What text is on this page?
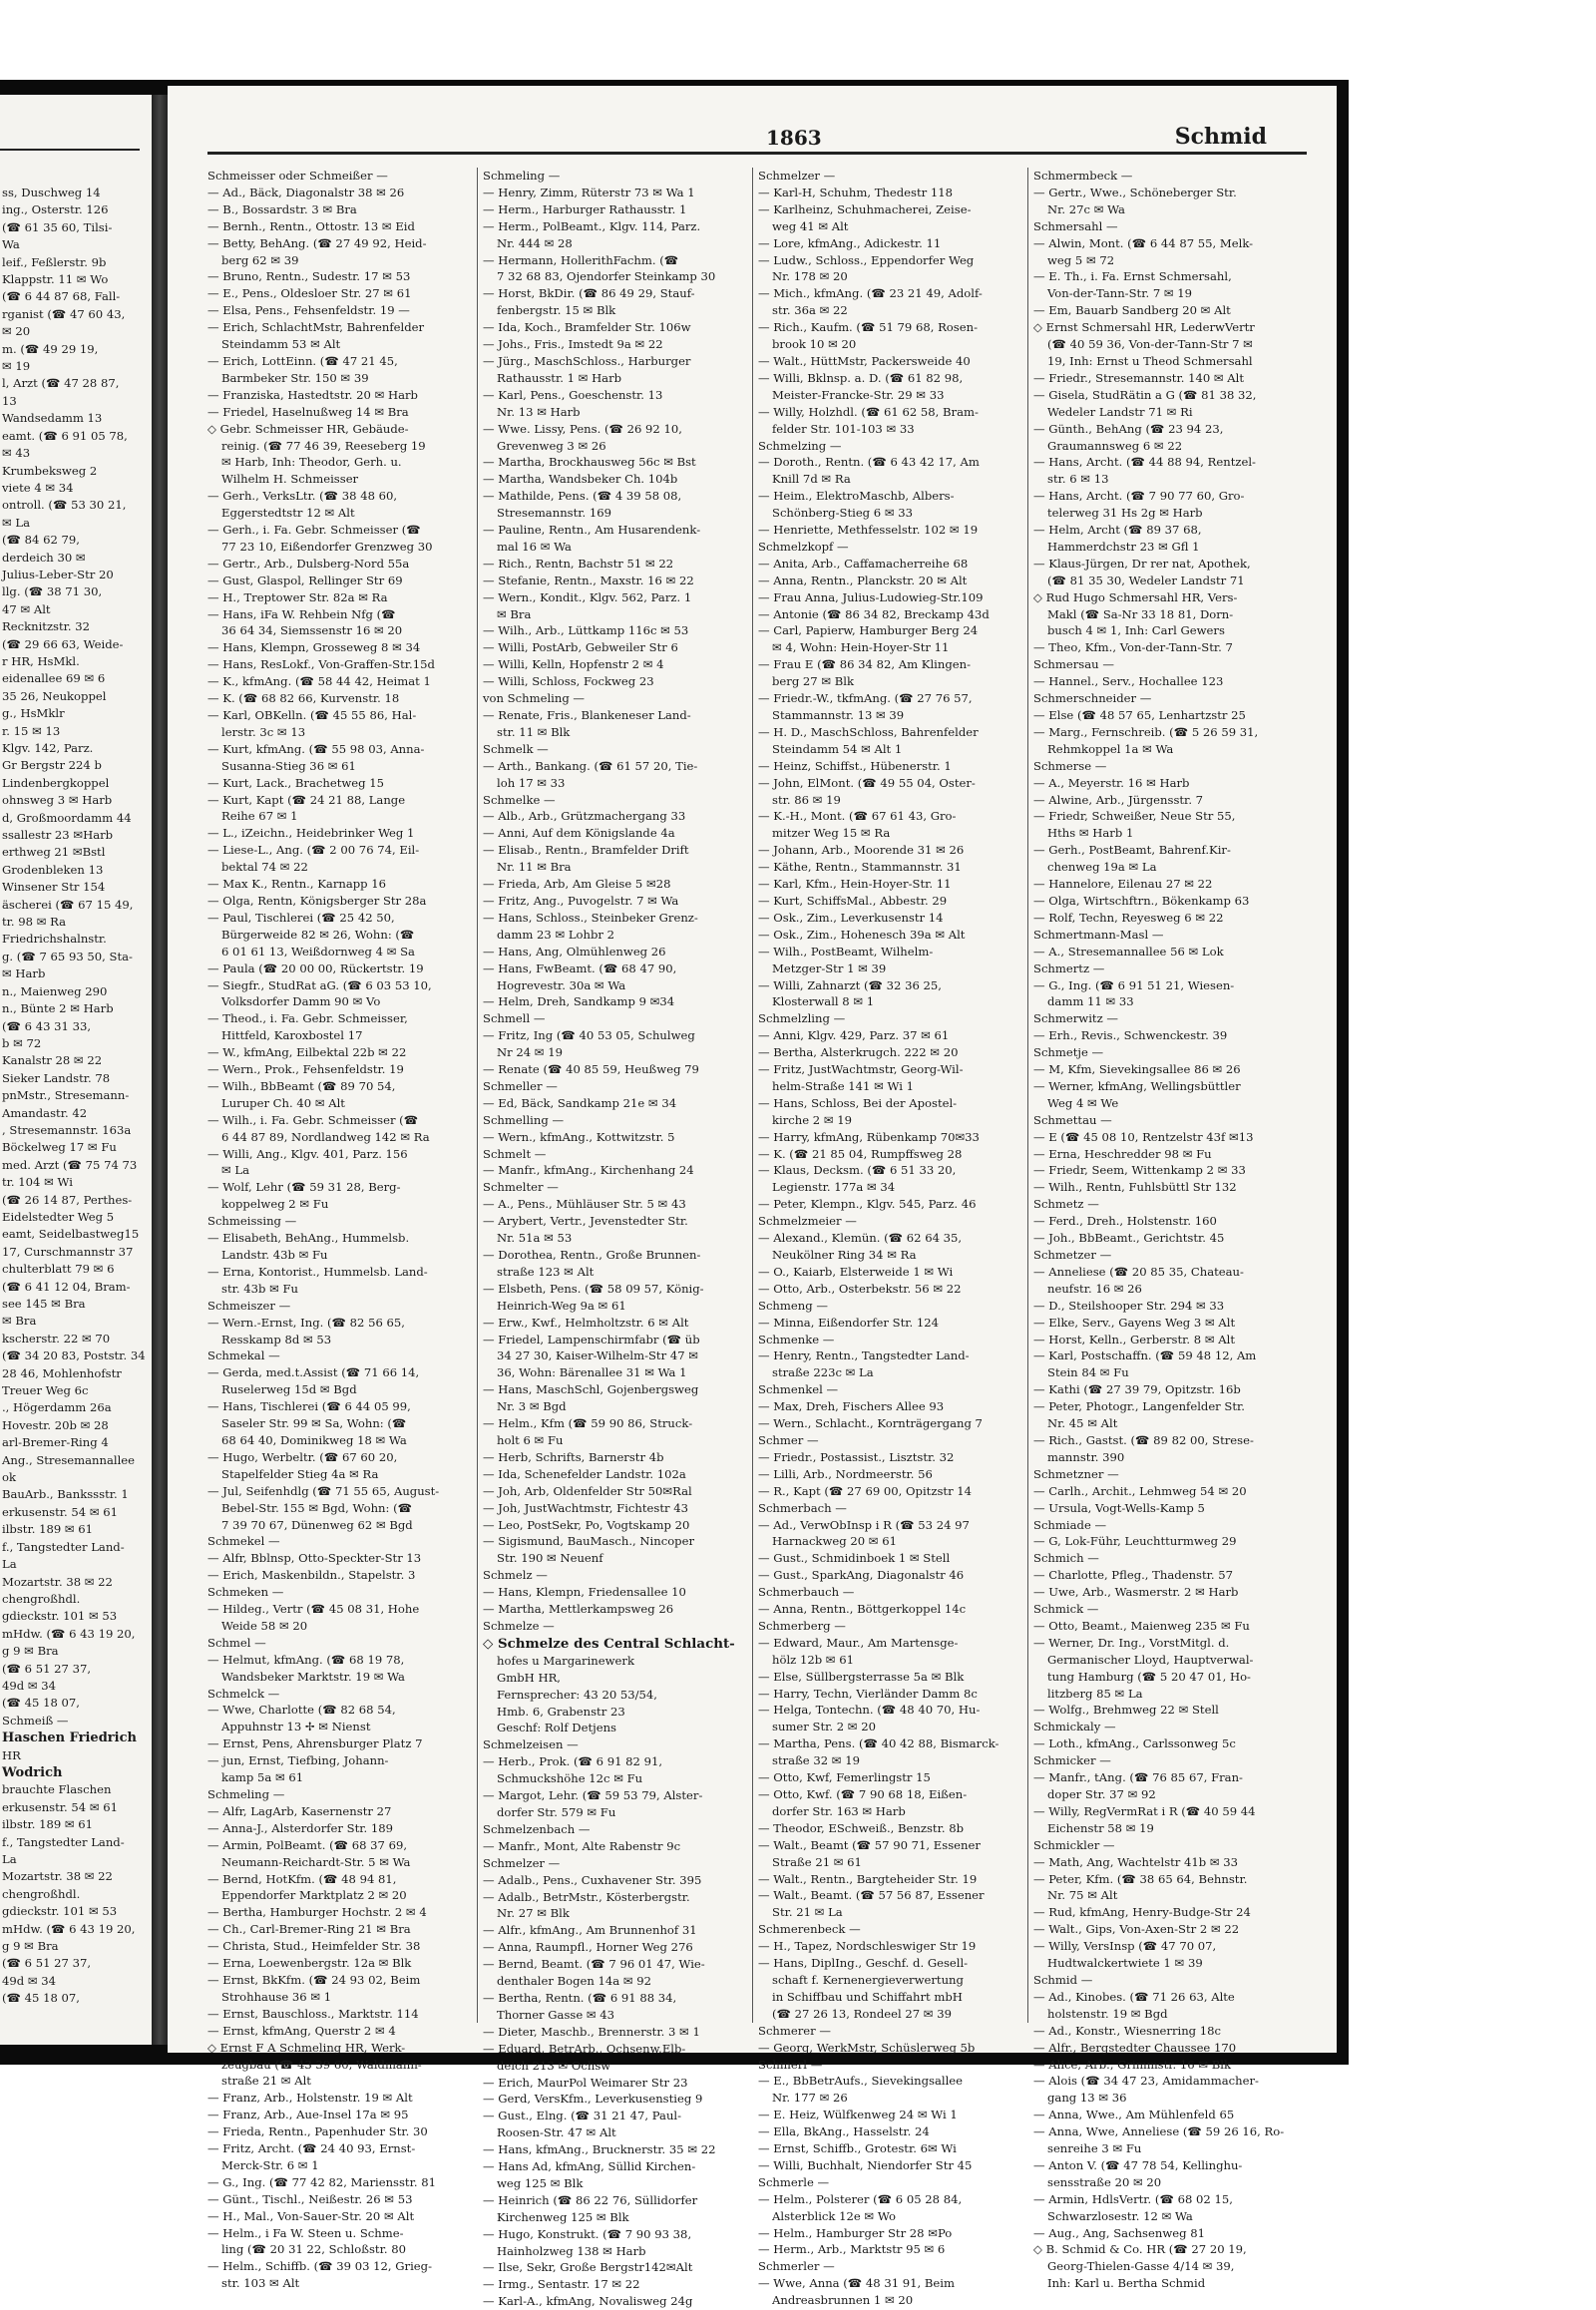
ss, Duschweg 14
ing., Osterstr. 126
(☎ 61 35 60, Tilsi-
Wa
leif., Feßlerstr. 9b
Klappstr. 11 ✉ Wo
(☎ 6 44 87 68, Fall-
rganist (☎ 47 60 43,
✉ 20
m. (☎ 49 29 19,
✉ 19
l, Arzt (☎ 47 28 87,
13
Wandsedamm 13
eamt. (☎ 6 91 05 78,
✉ 43
Krumbeksweg 2
viete 4 ✉ 34
ontroll. (☎ 53 30 21,
✉ La
(☎ 84 62 79,
derdeich 30 ✉
Julius-Leber-Str 20
llg. (☎ 38 71 30,
47 ✉ Alt
Recknitzstr. 32
(☎ 29 66 63, Weide-
r HR, HsMkl.
eidenallee 69 ✉ 6
35 26, Neukoppel
g., HsMklr
r. 15 ✉ 13
Klgv. 142, Parz.
Gr Bergstr 224 b
Lindenbergkoppel
ohnsweg 3 ✉ Harb
d, Großmoordamm 44
ssallestr 23 ✉Harb
erthweg 21 ✉Bstl
Grodenbleken 13
Winsener Str 154
äscherei (☎ 67 15 49,
tr. 98 ✉ Ra
Friedrichshalnstr.
g. (☎ 7 65 93 50, Sta-
✉ Harb
n., Maienweg 290
n., Bünte 2 ✉ Harb
(☎ 6 43 31 33,
b ✉ 72
Kanalstr 28 ✉ 22
Sieker Landstr. 78
pnMstr., Stresemann-
Amandastr. 42
, Stresemannstr. 163a
Böckelweg 17 ✉ Fu
med. Arzt (☎ 75 74 73
tr. 104 ✉ Wi
(☎ 26 14 87, Perthes-
Eidelstedter Weg 5
eamt, Seidelbastweg15
17, Curschmannstr 37
chulterblatt 79 ✉ 6
(☎ 6 41 12 04, Bram-
see 145 ✉ Bra
✉ Bra
kscherstr. 22 ✉ 70
(☎ 34 20 83, Poststr. 34
28 46, Mohlenhofstr
Treuer Weg 6c
., Högerdamm 26a
Hovestr. 20b ✉ 28
arl-Bremer-Ring 4
Ang., Stresemannallee
ok
BauArb., Bankssstr. 1
erkusenstr. 54 ✉ 61
ilbstr. 189 ✉ 61
f., Tangstedter Land-
La
Mozartstr. 38 ✉ 22
chengroßhdl.
gdieckstr. 101 ✉ 53
mHdw. (☎ 6 43 19 20,
g 9 ✉ Bra
(☎ 6 51 27 37,
49d ✉ 34
(☎ 45 18 07,
Schmeiß —
Haschen Friedrich
HR
Wodrich
brauchte Flaschen
erkusenstr. 54 ✉ 61
ilbstr. 189 ✉ 61
f., Tangstedter Land-
La
Mozartstr. 38 ✉ 22
chengroßhdl.
gdieckstr. 101 ✉ 53
mHdw. (☎ 6 43 19 20,
g 9 ✉ Bra
(☎ 6 51 27 37,
49d ✉ 34
(☎ 45 18 07,
1863	Schmid
Schmeisser oder Schmeißer —
— Ad., Bäck, Diagonalstr 38 ✉ 26
— B., Bossardstr. 3 ✉ Bra
— Bernh., Rentn., Ottostr. 13 ✉ Eid
— Betty, BehAng. (☎ 27 49 92, Heid-
berg 62 ✉ 39
— Bruno, Rentn., Sudestr. 17 ✉ 53
— E., Pens., Oldesloer Str. 27 ✉ 61
— Elsa, Pens., Fehsenfeldstr. 19 —
— Erich, SchlachtMstr, Bahrenfelder
Steindamm 53 ✉ Alt
— Erich, LottEinn. (☎ 47 21 45,
Barmbeker Str. 150 ✉ 39
— Franziska, Hastedtstr. 20 ✉ Harb
— Friedel, Haselnußweg 14 ✉ Bra
◇ Gebr. Schmeisser HR, Gebäude-
reinig. (☎ 77 46 39, Reeseberg 19
✉ Harb, Inh: Theodor, Gerh. u.
Wilhelm H. Schmeisser
— Gerh., VerksLtr. (☎ 38 48 60,
Eggerstedtstr 12 ✉ Alt
— Gerh., i. Fa. Gebr. Schmeisser (☎
77 23 10, Eißendorfer Grenzweg 30
— Gertr., Arb., Dulsberg-Nord 55a
— Gust, Glaspol, Rellinger Str 69
— H., Treptower Str. 82a ✉ Ra
— Hans, iFa W. Rehbein Nfg (☎
36 64 34, Siemssenstr 16 ✉ 20
— Hans, Klempn, Grosseweg 8 ✉ 34
— Hans, ResLokf., Von-Graffen-Str.15d
— K., kfmAng. (☎ 58 44 42, Heimat 1
— K. (☎ 68 82 66, Kurvenstr. 18
— Karl, OBKelln. (☎ 45 55 86, Hal-
lerstr. 3c ✉ 13
— Kurt, kfmAng. (☎ 55 98 03, Anna-
Susanna-Stieg 36 ✉ 61
— Kurt, Lack., Brachetweg 15
— Kurt, Kapt (☎ 24 21 88, Lange
Reihe 67 ✉ 1
— L., iZeichn., Heidebrinker Weg 1
— Liese-L., Ang. (☎ 2 00 76 74, Eil-
bektal 74 ✉ 22
— Max K., Rentn., Karnapp 16
— Olga, Rentn, Königsberger Str 28a
— Paul, Tischlerei (☎ 25 42 50,
Bürgerweide 82 ✉ 26, Wohn: (☎
6 01 61 13, Weißdornweg 4 ✉ Sa
— Paula (☎ 20 00 00, Rückertstr. 19
— Siegfr., StudRat aG. (☎ 6 03 53 10,
Volksdorfer Damm 90 ✉ Vo
— Theod., i. Fa. Gebr. Schmeisser,
Hittfeld, Karoxbostel 17
— W., kfmAng, Eilbektal 22b ✉ 22
— Wern., Prok., Fehsenfeldstr. 19
— Wilh., BbBeamt (☎ 89 70 54,
Luruper Ch. 40 ✉ Alt
— Wilh., i. Fa. Gebr. Schmeisser (☎
6 44 87 89, Nordlandweg 142 ✉ Ra
— Willi, Ang., Klgv. 401, Parz. 156
✉ La
— Wolf, Lehr (☎ 59 31 28, Berg-
koppelweg 2 ✉ Fu
Schmeissing —
— Elisabeth, BehAng., Hummelsb.
Landstr. 43b ✉ Fu
— Erna, Kontorist., Hummelsb. Land-
str. 43b ✉ Fu
Schmeiszer —
— Wern.-Ernst, Ing. (☎ 82 56 65,
Resskamp 8d ✉ 53
Schmekal —
— Gerda, med.t.Assist (☎ 71 66 14,
Ruselerweg 15d ✉ Bgd
— Hans, Tischlerei (☎ 6 44 05 99,
Saseler Str. 99 ✉ Sa, Wohn: (☎
68 64 40, Dominikweg 18 ✉ Wa
— Hugo, Werbeltr. (☎ 67 60 20,
Stapelfelder Stieg 4a ✉ Ra
— Jul, Seifenhdlg (☎ 71 55 65, August-
Bebel-Str. 155 ✉ Bgd, Wohn: (☎
7 39 70 67, Dünenweg 62 ✉ Bgd
Schmekel —
— Alfr, Bblnsp, Otto-Speckter-Str 13
— Erich, Maskenbildn., Stapelstr. 3
Schmeken —
— Hildeg., Vertr (☎ 45 08 31, Hohe
Weide 58 ✉ 20
Schmel —
— Helmut, kfmAng. (☎ 68 19 78,
Wandsbeker Marktstr. 19 ✉ Wa
Schmelck —
— Wwe, Charlotte (☎ 82 68 54,
Appuhnstr 13 ✢ ✉ Nienst
— Ernst, Pens, Ahrensburger Platz 7
— jun, Ernst, Tiefbing, Johann-
kamp 5a ✉ 61
Schmeling —
— Alfr, LagArb, Kasernenstr 27
— Anna-J., Alsterdorfer Str. 189
— Armin, PolBeamt. (☎ 68 37 69,
Neumann-Reichardt-Str. 5 ✉ Wa
— Bernd, HotKfm. (☎ 48 94 81,
Eppendorfer Marktplatz 2 ✉ 20
— Bertha, Hamburger Hochstr. 2 ✉ 4
— Ch., Carl-Bremer-Ring 21 ✉ Bra
— Christa, Stud., Heimfelder Str. 38
— Erna, Loewenbergstr. 12a ✉ Blk
— Ernst, BkKfm. (☎ 24 93 02, Beim
Strohhause 36 ✉ 1
— Ernst, Bauschloss., Marktstr. 114
— Ernst, kfmAng, Querstr 2 ✉ 4
◇ Ernst F A Schmeling HR, Werk-
zeugbau (☎ 43 39 60, Waldmann-
straße 21 ✉ Alt
— Franz, Arb., Holstenstr. 19 ✉ Alt
— Franz, Arb., Aue-Insel 17a ✉ 95
— Frieda, Rentn., Papenhuder Str. 30
— Fritz, Archt. (☎ 24 40 93, Ernst-
Merck-Str. 6 ✉ 1
— G., Ing. (☎ 77 42 82, Mariensstr. 81
— Günt., Tischl., Neißestr. 26 ✉ 53
— H., Mal., Von-Sauer-Str. 20 ✉ Alt
— Helm., i Fa W. Steen u. Schme-
ling (☎ 20 31 22, Schloßstr. 80
— Helm., Schiffb. (☎ 39 03 12, Grieg-
str. 103 ✉ Alt
Schmeling —
— Henry, Zimm, Rüterstr 73 ✉ Wa 1
— Herm., Harburger Rathausstr. 1
— Herm., PolBeamt., Klgv. 114, Parz.
Nr. 444 ✉ 28
— Hermann, HollerithFachm. (☎
7 32 68 83, Ojendorfer Steinkamp 30
— Horst, BkDir. (☎ 86 49 29, Stauf-
fenbergstr. 15 ✉ Blk
— Ida, Koch., Bramfelder Str. 106w
— Johs., Fris., Imstedt 9a ✉ 22
— Jürg., MaschSchloss., Harburger
Rathausstr. 1 ✉ Harb
— Karl, Pens., Goeschenstr. 13
Nr. 13 ✉ Harb
— Wwe. Lissy, Pens. (☎ 26 92 10,
Grevenweg 3 ✉ 26
— Martha, Brockhausweg 56c ✉ Bst
— Martha, Wandsbeker Ch. 104b
— Mathilde, Pens. (☎ 4 39 58 08,
Stresemannstr. 169
— Pauline, Rentn., Am Husarendenk-
mal 16 ✉ Wa
— Rich., Rentn, Bachstr 51 ✉ 22
— Stefanie, Rentn., Maxstr. 16 ✉ 22
— Wern., Kondit., Klgv. 562, Parz. 1
✉ Bra
— Wilh., Arb., Lüttkamp 116c ✉ 53
— Willi, PostArb, Gebweiler Str 6
— Willi, Kelln, Hopfenstr 2 ✉ 4
— Willi, Schloss, Fockweg 23
von Schmeling —
— Renate, Fris., Blankeneser Land-
str. 11 ✉ Blk
Schmelk —
— Arth., Bankang. (☎ 61 57 20, Tie-
loh 17 ✉ 33
Schmelke —
— Alb., Arb., Grützmachergang 33
— Anni, Auf dem Königslande 4a
— Elisab., Rentn., Bramfelder Drift
Nr. 11 ✉ Bra
— Frieda, Arb, Am Gleise 5 ✉28
— Fritz, Ang., Puvogelstr. 7 ✉ Wa
— Hans, Schloss., Steinbeker Grenz-
damm 23 ✉ Lohbr 2
— Hans, Ang, Olmühlenweg 26
— Hans, FwBeamt. (☎ 68 47 90,
Hogrevestr. 30a ✉ Wa
— Helm, Dreh, Sandkamp 9 ✉34
Schmell —
— Fritz, Ing (☎ 40 53 05, Schulweg
Nr 24 ✉ 19
— Renate (☎ 40 85 59, Heußweg 79
Schmeller —
— Ed, Bäck, Sandkamp 21e ✉ 34
Schmelling —
— Wern., kfmAng., Kottwitzstr. 5
Schmelt —
— Manfr., kfmAng., Kirchenhang 24
Schmelter —
— A., Pens., Mühläuser Str. 5 ✉ 43
— Arybert, Vertr., Jevenstedter Str.
Nr. 51a ✉ 53
— Dorothea, Rentn., Große Brunnen-
straße 123 ✉ Alt
— Elsbeth, Pens. (☎ 58 09 57, König-
Heinrich-Weg 9a ✉ 61
— Erw., Kwf., Helmholtzstr. 6 ✉ Alt
— Friedel, Lampenschirmfabr (☎ üb
34 27 30, Kaiser-Wilhelm-Str 47 ✉
36, Wohn: Bärenallee 31 ✉ Wa 1
— Hans, MaschSchl, Gojenbergsweg
Nr. 3 ✉ Bgd
— Helm., Kfm (☎ 59 90 86, Struck-
holt 6 ✉ Fu
— Herb, Schrifts, Barnerstr 4b
— Ida, Schenefelder Landstr. 102a
— Joh, Arb, Oldenfelder Str 50✉Ral
— Joh, JustWachtmstr, Fichtestr 43
— Leo, PostSekr, Po, Vogtskamp 20
— Sigismund, BauMasch., Nincoper
Str. 190 ✉ Neuenf
Schmelz —
— Hans, Klempn, Friedensallee 10
— Martha, Mettlerkampsweg 26
Schmelze —
◇ Schmelze des Central Schlacht-
hofes u Margarinewerk
GmbH HR,
Fernsprecher: 43 20 53/54,
Hmb. 6, Grabenstr 23
Geschf: Rolf Detjens
Schmelzeisen —
— Herb., Prok. (☎ 6 91 82 91,
Schmuckshöhe 12c ✉ Fu
— Margot, Lehr. (☎ 59 53 79, Alster-
dorfer Str. 579 ✉ Fu
Schmelzenbach —
— Manfr., Mont, Alte Rabenstr 9c
Schmelzer —
— Adalb., Pens., Cuxhavener Str. 395
— Adalb., BetrMstr., Kösterbergstr.
Nr. 27 ✉ Blk
— Alfr., kfmAng., Am Brunnenhof 31
— Anna, Raumpfl., Horner Weg 276
— Bernd, Beamt. (☎ 7 96 01 47, Wie-
denthaler Bogen 14a ✉ 92
— Bertha, Rentn. (☎ 6 91 88 34,
Thorner Gasse ✉ 43
— Dieter, Maschb., Brennerstr. 3 ✉ 1
— Eduard, BetrArb., Ochsenw.Elb-
deich 213 ✉ Ochsw
— Erich, MaurPol Weimarer Str 23
— Gerd, VersKfm., Leverkusenstieg 9
— Gust., Elng. (☎ 31 21 47, Paul-
Roosen-Str. 47 ✉ Alt
— Hans, kfmAng., Brucknerstr. 35 ✉ 22
— Hans Ad, kfmAng, Süllid Kirchen-
weg 125 ✉ Blk
— Heinrich (☎ 86 22 76, Süllidorfer
Kirchenweg 125 ✉ Blk
— Hugo, Konstrukt. (☎ 7 90 93 38,
Hainholzweg 138 ✉ Harb
— Ilse, Sekr, Große Bergstr142✉Alt
— Irmg., Sentastr. 17 ✉ 22
— Karl-A., kfmAng, Novalisweg 24g
Schmelzer —
— Karl-H, Schuhm, Thedestr 118
— Karlheinz, Schuhmacherei, Zeise-
weg 41 ✉ Alt
— Lore, kfmAng., Adickestr. 11
— Ludw., Schloss., Eppendorfer Weg
Nr. 178 ✉ 20
— Mich., kfmAng. (☎ 23 21 49, Adolf-
str. 36a ✉ 22
— Rich., Kaufm. (☎ 51 79 68, Rosen-
brook 10 ✉ 20
— Walt., HüttMstr, Packersweide 40
— Willi, Bklnsp. a. D. (☎ 61 82 98,
Meister-Francke-Str. 29 ✉ 33
— Willy, Holzhdl. (☎ 61 62 58, Bram-
felder Str. 101-103 ✉ 33
Schmelzing —
— Doroth., Rentn. (☎ 6 43 42 17, Am
Knill 7d ✉ Ra
— Heim., ElektroMaschb, Albers-
Schönberg-Stieg 6 ✉ 33
— Henriette, Methfesselstr. 102 ✉ 19
Schmelzkopf —
— Anita, Arb., Caffamacherreihe 68
— Anna, Rentn., Planckstr. 20 ✉ Alt
— Frau Anna, Julius-Ludowieg-Str.109
— Antonie (☎ 86 34 82, Breckamp 43d
— Carl, Papierw, Hamburger Berg 24
✉ 4, Wohn: Hein-Hoyer-Str 11
— Frau E (☎ 86 34 82, Am Klingen-
berg 27 ✉ Blk
— Friedr.-W., tkfmAng. (☎ 27 76 57,
Stammannstr. 13 ✉ 39
— H. D., MaschSchloss, Bahrenfelder
Steindamm 54 ✉ Alt 1
— Heinz, Schiffst., Hübenerstr. 1
— John, ElMont. (☎ 49 55 04, Oster-
str. 86 ✉ 19
— K.-H., Mont. (☎ 67 61 43, Gro-
mitzer Weg 15 ✉ Ra
— Johann, Arb., Moorende 31 ✉ 26
— Käthe, Rentn., Stammannstr. 31
— Karl, Kfm., Hein-Hoyer-Str. 11
— Kurt, SchiffsMal., Abbestr. 29
— Osk., Zim., Leverkusenstr 14
— Osk., Zim., Hohenesch 39a ✉ Alt
— Wilh., PostBeamt, Wilhelm-
Metzger-Str 1 ✉ 39
— Willi, Zahnarzt (☎ 32 36 25,
Klosterwall 8 ✉ 1
Schmelzling —
— Anni, Klgv. 429, Parz. 37 ✉ 61
— Bertha, Alsterkrugch. 222 ✉ 20
— Fritz, JustWachtmstr, Georg-Wil-
helm-Straße 141 ✉ Wi 1
— Hans, Schloss, Bei der Apostel-
kirche 2 ✉ 19
— Harry, kfmAng, Rübenkamp 70✉33
— K. (☎ 21 85 04, Rumpffsweg 28
— Klaus, Decksm. (☎ 6 51 33 20,
Legienstr. 177a ✉ 34
— Peter, Klempn., Klgv. 545, Parz. 46
Schmelzmeier —
— Alexand., Klemün. (☎ 62 64 35,
Neukölner Ring 34 ✉ Ra
— O., Kaiarb, Elsterweide 1 ✉ Wi
— Otto, Arb., Osterbekstr. 56 ✉ 22
Schmeng —
— Minna, Eißendorfer Str. 124
Schmenke —
— Henry, Rentn., Tangstedter Land-
straße 223c ✉ La
Schmenkel —
— Max, Dreh, Fischers Allee 93
— Wern., Schlacht., Kornträgergang 7
Schmer —
— Friedr., Postassist., Lisztstr. 32
— Lilli, Arb., Nordmeerstr. 56
— R., Kapt (☎ 27 69 00, Opitzstr 14
Schmerbach —
— Ad., VerwObInsp i R (☎ 53 24 97
Harnackweg 20 ✉ 61
— Gust., Schmidinboek 1 ✉ Stell
— Gust., SparkAng, Diagonalstr 46
Schmerbauch —
— Anna, Rentn., Böttgerkoppel 14c
Schmerberg —
— Edward, Maur., Am Martensge-
hölz 12b ✉ 61
— Else, Süllbergsterrasse 5a ✉ Blk
— Harry, Techn, Vierländer Damm 8c
— Helga, Tontechn. (☎ 48 40 70, Hu-
sumer Str. 2 ✉ 20
— Martha, Pens. (☎ 40 42 88, Bismarck-
straße 32 ✉ 19
— Otto, Kwf, Femerlingstr 15
— Otto, Kwf. (☎ 7 90 68 18, Eißen-
dorfer Str. 163 ✉ Harb
— Theodor, ESchweiß., Benzstr. 8b
— Walt., Beamt (☎ 57 90 71, Essener
Straße 21 ✉ 61
— Walt., Rentn., Bargteheider Str. 19
— Walt., Beamt. (☎ 57 56 87, Essener
Str. 21 ✉ La
Schmerenbeck —
— H., Tapez, Nordschleswiger Str 19
— Hans, DiplIng., Geschf. d. Gesell-
schaft f. Kernenergieverwertung
in Schiffbau und Schiffahrt mbH
(☎ 27 26 13, Rondeel 27 ✉ 39
Schmerer —
— Georg, WerkMstr, Schüslerweg 5b
Schmerl —
— E., BbBetrAufs., Sievekingsallee
Nr. 177 ✉ 26
— E. Heiz, Wülfkenweg 24 ✉ Wi 1
— Ella, BkAng., Hasselstr. 24
— Ernst, Schiffb., Grotestr. 6✉ Wi
— Willi, Buchhalt, Niendorfer Str 45
Schmerle —
— Helm., Polsterer (☎ 6 05 28 84,
Alsterblick 12e ✉ Wo
— Helm., Hamburger Str 28 ✉Po
— Herm., Arb., Marktstr 95 ✉ 6
Schmerler —
— Wwe, Anna (☎ 48 31 91, Beim
Andreasbrunnen 1 ✉ 20
Schmermbeck —
— Gertr., Wwe., Schöneberger Str.
Nr. 27c ✉ Wa
Schmersahl —
— Alwin, Mont. (☎ 6 44 87 55, Melk-
weg 5 ✉ 72
— E. Th., i. Fa. Ernst Schmersahl,
Von-der-Tann-Str. 7 ✉ 19
— Em, Bauarb Sandberg 20 ✉ Alt
◇ Ernst Schmersahl HR, LederwVertr
(☎ 40 59 36, Von-der-Tann-Str 7 ✉
19, Inh: Ernst u Theod Schmersahl
— Friedr., Stresemannstr. 140 ✉ Alt
— Gisela, StudRätin a G (☎ 81 38 32,
Wedeler Landstr 71 ✉ Ri
— Günth., BehAng (☎ 23 94 23,
Graumannsweg 6 ✉ 22
— Hans, Archt. (☎ 44 88 94, Rentzel-
str. 6 ✉ 13
— Hans, Archt. (☎ 7 90 77 60, Gro-
telerweg 31 Hs 2g ✉ Harb
— Helm, Archt (☎ 89 37 68,
Hammerdchstr 23 ✉ Gfl 1
— Klaus-Jürgen, Dr rer nat, Apothek,
(☎ 81 35 30, Wedeler Landstr 71
◇ Rud Hugo Schmersahl HR, Vers-
Makl (☎ Sa-Nr 33 18 81, Dorn-
busch 4 ✉ 1, Inh: Carl Gewers
— Theo, Kfm., Von-der-Tann-Str. 7
Schmersau —
— Hannel., Serv., Hochallee 123
Schmerschneider —
— Else (☎ 48 57 65, Lenhartzstr 25
— Marg., Fernschreib. (☎ 5 26 59 31,
Rehmkoppel 1a ✉ Wa
Schmerse —
— A., Meyerstr. 16 ✉ Harb
— Alwine, Arb., Jürgensstr. 7
— Friedr, Schweißer, Neue Str 55,
Hths ✉ Harb 1
— Gerh., PostBeamt, Bahrenf.Kir-
chenweg 19a ✉ La
— Hannelore, Eilenau 27 ✉ 22
— Olga, Wirtschftrn., Bökenkamp 63
— Rolf, Techn, Reyesweg 6 ✉ 22
Schmertmann-Masl —
— A., Stresemannallee 56 ✉ Lok
Schmertz —
— G., Ing. (☎ 6 91 51 21, Wiesen-
damm 11 ✉ 33
Schmerwitz —
— Erh., Revis., Schwenckestr. 39
Schmetje —
— M, Kfm, Sievekingsallee 86 ✉ 26
— Werner, kfmAng, Wellingsbüttler
Weg 4 ✉ We
Schmettau —
— E (☎ 45 08 10, Rentzelstr 43f ✉13
— Erna, Heschredder 98 ✉ Fu
— Friedr, Seem, Wittenkamp 2 ✉ 33
— Wilh., Rentn, Fuhlsbüttl Str 132
Schmetz —
— Ferd., Dreh., Holstenstr. 160
— Joh., BbBeamt., Gerichtstr. 45
Schmetzer —
— Anneliese (☎ 20 85 35, Chateau-
neufstr. 16 ✉ 26
— D., Steilshooper Str. 294 ✉ 33
— Elke, Serv., Gayens Weg 3 ✉ Alt
— Horst, Kelln., Gerberstr. 8 ✉ Alt
— Karl, Postschaffn. (☎ 59 48 12, Am
Stein 84 ✉ Fu
— Kathi (☎ 27 39 79, Opitzstr. 16b
— Peter, Photogr., Langenfelder Str.
Nr. 45 ✉ Alt
— Rich., Gastst. (☎ 89 82 00, Strese-
mannstr. 390
Schmetzner —
— Carlh., Archit., Lehmweg 54 ✉ 20
— Ursula, Vogt-Wells-Kamp 5
Schmiade —
— G, Lok-Führ, Leuchtturmweg 29
Schmich —
— Charlotte, Pfleg., Thadenstr. 57
— Uwe, Arb., Wasmerstr. 2 ✉ Harb
Schmick —
— Otto, Beamt., Maienweg 235 ✉ Fu
— Werner, Dr. Ing., VorstMitgl. d.
Germanischer Lloyd, Hauptverwal-
tung Hamburg (☎ 5 20 47 01, Ho-
litzberg 85 ✉ La
— Wolfg., Brehmweg 22 ✉ Stell
Schmickaly —
— Loth., kfmAng., Carlssonweg 5c
Schmicker —
— Manfr., tAng. (☎ 76 85 67, Fran-
doper Str. 37 ✉ 92
— Willy, RegVermRat i R (☎ 40 59 44
Eichenstr 58 ✉ 19
Schmickler —
— Math, Ang, Wachtelstr 41b ✉ 33
— Peter, Kfm. (☎ 38 65 64, Behnstr.
Nr. 75 ✉ Alt
— Rud, kfmAng, Henry-Budge-Str 24
— Walt., Gips, Von-Axen-Str 2 ✉ 22
— Willy, VersInsp (☎ 47 70 07,
Hudtwalckertwiete 1 ✉ 39
Schmid —
— Ad., Kinobes. (☎ 71 26 63, Alte
holstenstr. 19 ✉ Bgd
— Ad., Konstr., Wiesnerring 18c
— Alfr., Bergstedter Chaussee 170
— Alice, Arb., Grimmstr. 16 ✉ Blk
— Alois (☎ 34 47 23, Amidammacher-
gang 13 ✉ 36
— Anna, Wwe., Am Mühlenfeld 65
— Anna, Wwe, Anneliese (☎ 59 26 16, Ro-
senreihe 3 ✉ Fu
— Anton V. (☎ 47 78 54, Kellinghu-
sensstraße 20 ✉ 20
— Armin, HdlsVertr. (☎ 68 02 15,
Schwarzlosestr. 12 ✉ Wa
— Aug., Ang, Sachsenweg 81
◇ B. Schmid & Co. HR (☎ 27 20 19,
Georg-Thielen-Gasse 4/14 ✉ 39,
Inh: Karl u. Bertha Schmid
